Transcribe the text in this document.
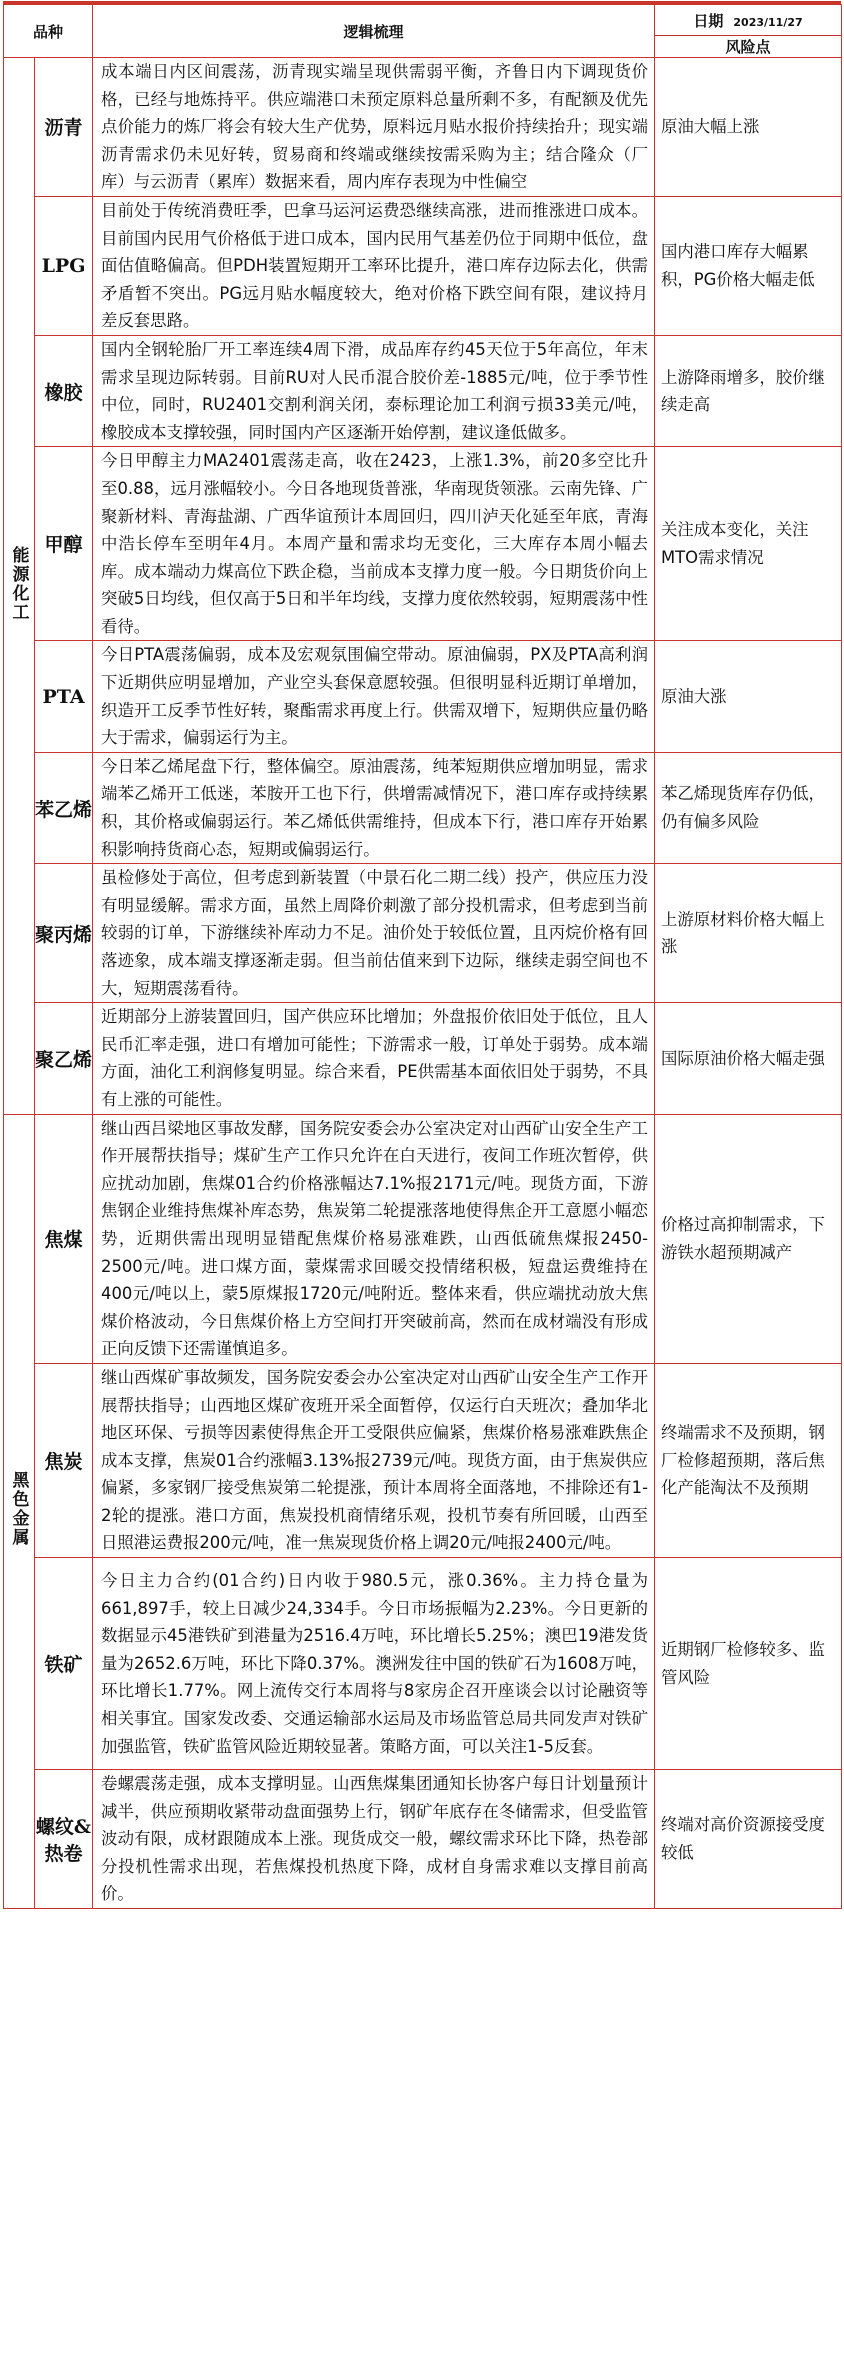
品种		逻辑梳理	日期 2023/11/27
			风险点
能源化工	沥青	成本端日内区间震荡，沥青现实端呈现供需弱平衡，齐鲁日内下调现货价格，已经与地炼持平。供应端港口未预定原料总量所剩不多，有配额及优先点价能力的炼厂将会有较大生产优势，原料远月贴水报价持续抬升；现实端沥青需求仍未见好转，贸易商和终端或继续按需采购为主；结合隆众（厂库）与云沥青（累库）数据来看，周内库存表现为中性偏空	原油大幅上涨
	LPG	目前处于传统消费旺季，巴拿马运河运费恐继续高涨，进而推涨进口成本。目前国内民用气价格低于进口成本，国内民用气基差仍位于同期中低位，盘面估值略偏高。但PDH装置短期开工率环比提升，港口库存边际去化，供需矛盾暂不突出。PG远月贴水幅度较大，绝对价格下跌空间有限，建议持月差反套思路。	国内港口库存大幅累积，PG价格大幅走低
	橡胶	国内全钢轮胎厂开工率连续4周下滑，成品库存约45天位于5年高位，年末需求呈现边际转弱。目前RU对人民币混合胶价差-1885元/吨，位于季节性中位，同时，RU2401交割利润关闭，泰标理论加工利润亏损33美元/吨，橡胶成本支撑较强，同时国内产区逐渐开始停割，建议逢低做多。	上游降雨增多，胶价继续走高
	甲醇	今日甲醇主力MA2401震荡走高，收在2423，上涨1.3%，前20多空比升至0.88，远月涨幅较小。今日各地现货普涨，华南现货领涨。云南先锋、广聚新材料、青海盐湖、广西华谊预计本周回归，四川泸天化延至年底，青海中浩长停车至明年4月。本周产量和需求均无变化，三大库存本周小幅去库。成本端动力煤高位下跌企稳，当前成本支撑力度一般。今日期货价向上突破5日均线，但仅高于5日和半年均线，支撑力度依然较弱，短期震荡中性看待。	关注成本变化，关注MTO需求情况
	PTA	今日PTA震荡偏弱，成本及宏观氛围偏空带动。原油偏弱，PX及PTA高利润下近期供应明显增加，产业空头套保意愿较强。但很明显科近期订单增加，织造开工反季节性好转，聚酯需求再度上行。供需双增下，短期供应量仍略大于需求，偏弱运行为主。	原油大涨
	苯乙烯	今日苯乙烯尾盘下行，整体偏空。原油震荡，纯苯短期供应增加明显，需求端苯乙烯开工低迷，苯胺开工也下行，供增需减情况下，港口库存或持续累积，其价格或偏弱运行。苯乙烯低供需维持，但成本下行，港口库存开始累积影响持货商心态，短期或偏弱运行。	苯乙烯现货库存仍低，仍有偏多风险
	聚丙烯	虽检修处于高位，但考虑到新装置（中景石化二期二线）投产，供应压力没有明显缓解。需求方面，虽然上周降价刺激了部分投机需求，但考虑到当前较弱的订单，下游继续补库动力不足。油价处于较低位置，且丙烷价格有回落迹象，成本端支撑逐渐走弱。但当前估值来到下边际，继续走弱空间也不大，短期震荡看待。	上游原材料价格大幅上涨
	聚乙烯	近期部分上游装置回归，国产供应环比增加；外盘报价依旧处于低位，且人民币汇率走强，进口有增加可能性；下游需求一般，订单处于弱势。成本端方面，油化工利润修复明显。综合来看，PE供需基本面依旧处于弱势，不具有上涨的可能性。	国际原油价格大幅走强
黑色金属	焦煤	继山西吕梁地区事故发酵，国务院安委会办公室决定对山西矿山安全生产工作开展帮扶指导；煤矿生产工作只允许在白天进行，夜间工作班次暂停，供应扰动加剧，焦煤01合约价格涨幅达7.1%报2171元/吨。现货方面，下游焦钢企业维持焦煤补库态势，焦炭第二轮提涨落地使得焦企开工意愿小幅恋势，近期供需出现明显错配焦煤价格易涨难跌，山西低硫焦煤报2450-2500元/吨。进口煤方面，蒙煤需求回暖交投情绪积极，短盘运费维持在400元/吨以上，蒙5原煤报1720元/吨附近。整体来看，供应端扰动放大焦煤价格波动，今日焦煤价格上方空间打开突破前高，然而在成材端没有形成正向反馈下还需谨慎追多。	价格过高抑制需求，下游铁水超预期减产
	焦炭	继山西煤矿事故频发，国务院安委会办公室决定对山西矿山安全生产工作开展帮扶指导；山西地区煤矿夜班开采全面暂停，仅运行白天班次；叠加华北地区环保、亏损等因素使得焦企开工受限供应偏紧，焦煤价格易涨难跌焦企成本支撑，焦炭01合约涨幅3.13%报2739元/吨。现货方面，由于焦炭供应偏紧，多家钢厂接受焦炭第二轮提涨，预计本周将全面落地，不排除还有1-2轮的提涨。港口方面，焦炭投机商情绪乐观，投机节奏有所回暖，山西至日照港运费报200元/吨，准一焦炭现货价格上调20元/吨报2400元/吨。	终端需求不及预期，钢厂检修超预期，落后焦化产能淘汰不及预期
	铁矿	今日主力合约(01合约)日内收于980.5元，涨0.36%。主力持仓量为661,897手，较上日减少24,334手。今日市场振幅为2.23%。今日更新的数据显示45港铁矿到港量为2516.4万吨，环比增长5.25%；澳巴19港发货量为2652.6万吨，环比下降0.37%。澳洲发往中国的铁矿石为1608万吨，环比增长1.77%。网上流传交行本周将与8家房企召开座谈会以讨论融资等相关事宜。国家发改委、交通运输部水运局及市场监管总局共同发声对铁矿加强监管，铁矿监管风险近期较显著。策略方面，可以关注1-5反套。	近期钢厂检修较多、监管风险
	螺纹&热卷	卷螺震荡走强，成本支撑明显。山西焦煤集团通知长协客户每日计划量预计减半，供应预期收紧带动盘面强势上行，钢矿年底存在冬储需求，但受监管波动有限，成材跟随成本上涨。现货成交一般，螺纹需求环比下降，热卷部分投机性需求出现，若焦煤投机热度下降，成材自身需求难以支撑目前高价。	终端对高价资源接受度较低
